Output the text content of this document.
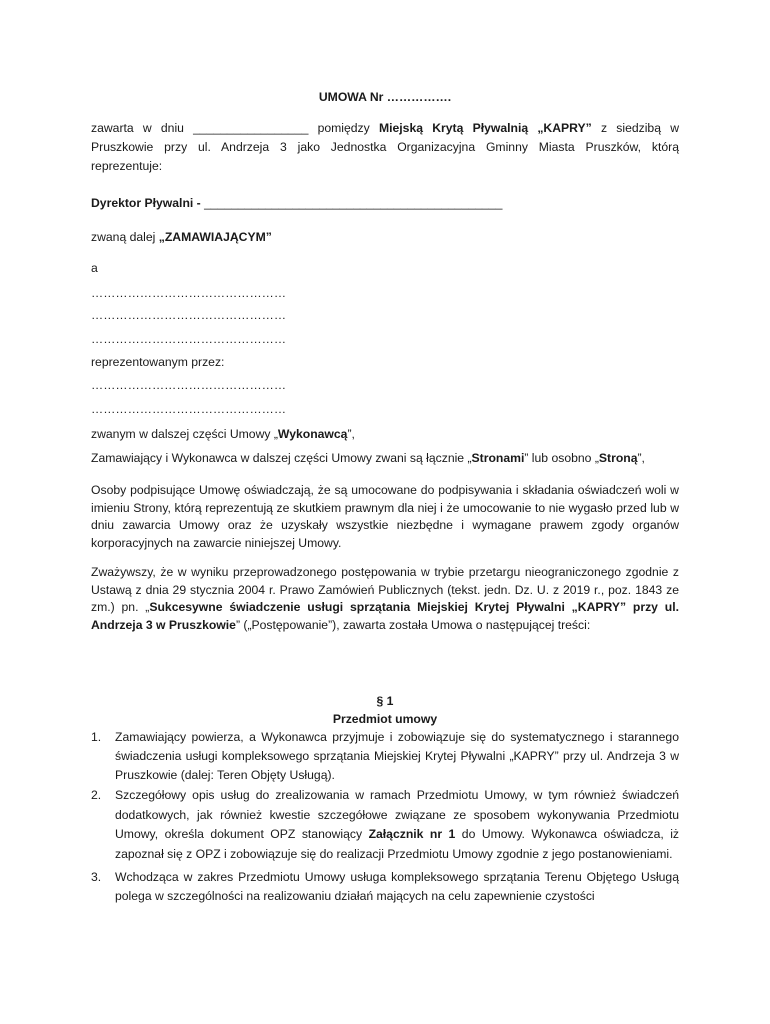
UMOWA Nr …………….
zawarta w dniu _________________ pomiędzy Miejską Krytą Pływalnią „KAPRY” z siedzibą w
Pruszkowie przy ul. Andrzeja 3 jako Jednostka Organizacyjna Gminny Miasta Pruszków, którą
reprezentuje:
Dyrektor Pływalni - ____________________________________________
zwaną dalej „ZAMAWIAJĄCYM”
a
…………………………………………
…………………………………………
…………………………………………
reprezentowanym przez:
…………………………………………
…………………………………………
zwanym w dalszej części Umowy „Wykonawcą”,
Zamawiający i Wykonawca w dalszej części Umowy zwani są łącznie „Stronami” lub osobno „Stroną”,
Osoby podpisujące Umowę oświadczają, że są umocowane do podpisywania i składania oświadczeń woli w imieniu Strony, którą reprezentują ze skutkiem prawnym dla niej i że umocowanie to nie wygasło przed lub w dniu zawarcia Umowy oraz że uzyskały wszystkie niezbędne i wymagane prawem zgody organów korporacyjnych na zawarcie niniejszej Umowy.
Zważywszy, że w wyniku przeprowadzonego postępowania w trybie przetargu nieograniczonego zgodnie z Ustawą z dnia 29 stycznia 2004 r. Prawo Zamówień Publicznych (tekst. jedn. Dz. U. z 2019 r., poz. 1843 ze zm.) pn. „Sukcesywne świadczenie usługi sprzątania Miejskiej Krytej Pływalni „KAPRY” przy ul. Andrzeja 3 w Pruszkowie” („Postępowanie”), zawarta została Umowa o następującej treści:
§ 1
Przedmiot umowy
1.	Zamawiający powierza, a Wykonawca przyjmuje i zobowiązuje się do systematycznego i starannego świadczenia usługi kompleksowego sprzątania Miejskiej Krytej Pływalni „KAPRY” przy ul. Andrzeja 3 w Pruszkowie (dalej: Teren Objęty Usługą).
2.	Szczegółowy opis usług do zrealizowania w ramach Przedmiotu Umowy, w tym również świadczeń dodatkowych, jak również kwestie szczegółowe związane ze sposobem wykonywania Przedmiotu Umowy, określa dokument OPZ stanowiący Załącznik nr 1 do Umowy. Wykonawca oświadcza, iż zapoznał się z OPZ i zobowiązuje się do realizacji Przedmiotu Umowy zgodnie z jego postanowieniami.
3.	Wchodząca w zakres Przedmiotu Umowy usługa kompleksowego sprzątania Terenu Objętego Usługą polega w szczególności na realizowaniu działań mających na celu zapewnienie czystości
